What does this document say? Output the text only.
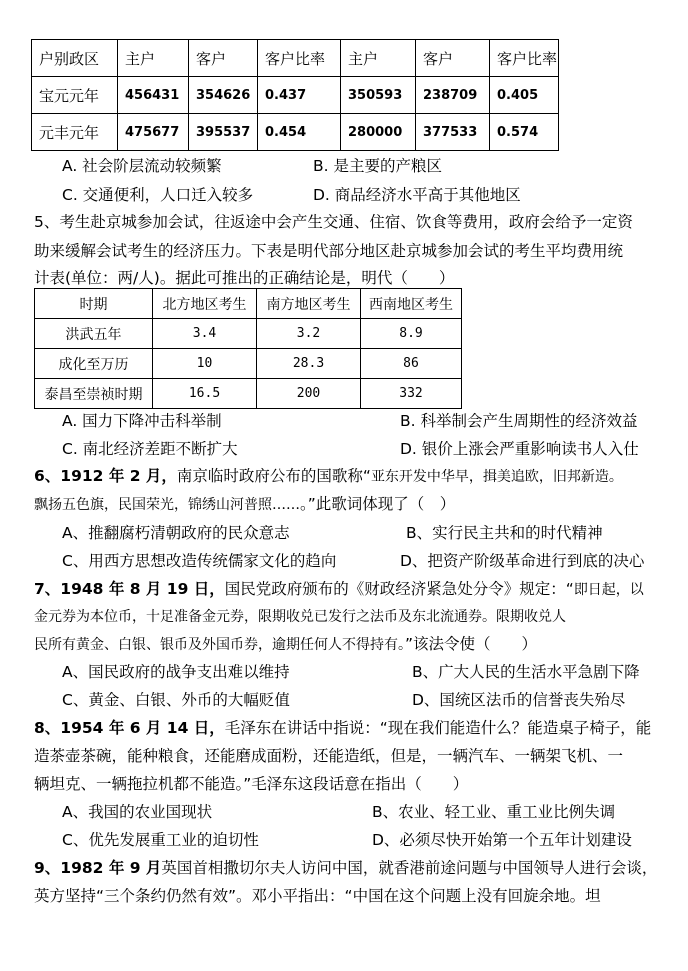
户别政区	主户	客户	客户比率	主户	客户	客户比率
宝元元年	456431	354626	0.437	350593	238709	0.405
元丰元年	475677	395537	0.454	280000	377533	0.574
A. 社会阶层流动较频繁	B. 是主要的产粮区
C. 交通便利，人口迁入较多	D. 商品经济水平高于其他地区
5、考生赴京城参加会试，往返途中会产生交通、住宿、饮食等费用，政府会给予一定资
助来缓解会试考生的经济压力。下表是明代部分地区赴京城参加会试的考生平均费用统
计表(单位：两/人)。据此可推出的正确结论是，明代（　　）
时期	北方地区考生	南方地区考生	西南地区考生
洪武五年	3.4	3.2	8.9
成化至万历	10	28.3	86
泰昌至崇祯时期	16.5	200	332
A. 国力下降冲击科举制	B. 科举制会产生周期性的经济效益
C. 南北经济差距不断扩大	D. 银价上涨会严重影响读书人入仕
6、1912 年 2 月，南京临时政府公布的国歌称“亚东开发中华早，揖美追欧，旧邦新造。
飘扬五色旗，民国荣光，锦绣山河普照……。”此歌词体现了（　）
A、推翻腐朽清朝政府的民众意志	B、实行民主共和的时代精神
C、用西方思想改造传统儒家文化的趋向	D、把资产阶级革命进行到底的决心
7、1948 年 8 月 19 日，国民党政府颁布的《财政经济紧急处分令》规定：“即日起，以
金元券为本位币，十足准备金元券，限期收兑已发行之法币及东北流通券。限期收兑人
民所有黄金、白银、银币及外国币券，逾期任何人不得持有。”该法令使（　　）
A、国民政府的战争支出难以维持	B、广大人民的生活水平急剧下降
C、黄金、白银、外币的大幅贬值	D、国统区法币的信誉丧失殆尽
8、1954 年 6 月 14 日，毛泽东在讲话中指说：“现在我们能造什么？能造桌子椅子，能
造茶壶茶碗，能种粮食，还能磨成面粉，还能造纸，但是，一辆汽车、一辆架飞机、一
辆坦克、一辆拖拉机都不能造。”毛泽东这段话意在指出（　　）
A、我国的农业国现状	B、农业、轻工业、重工业比例失调
C、优先发展重工业的迫切性	D、必须尽快开始第一个五年计划建设
9、1982 年 9 月英国首相撒切尔夫人访问中国，就香港前途问题与中国领导人进行会谈，
英方坚持“三个条约仍然有效”。邓小平指出：“中国在这个问题上没有回旋余地。坦
